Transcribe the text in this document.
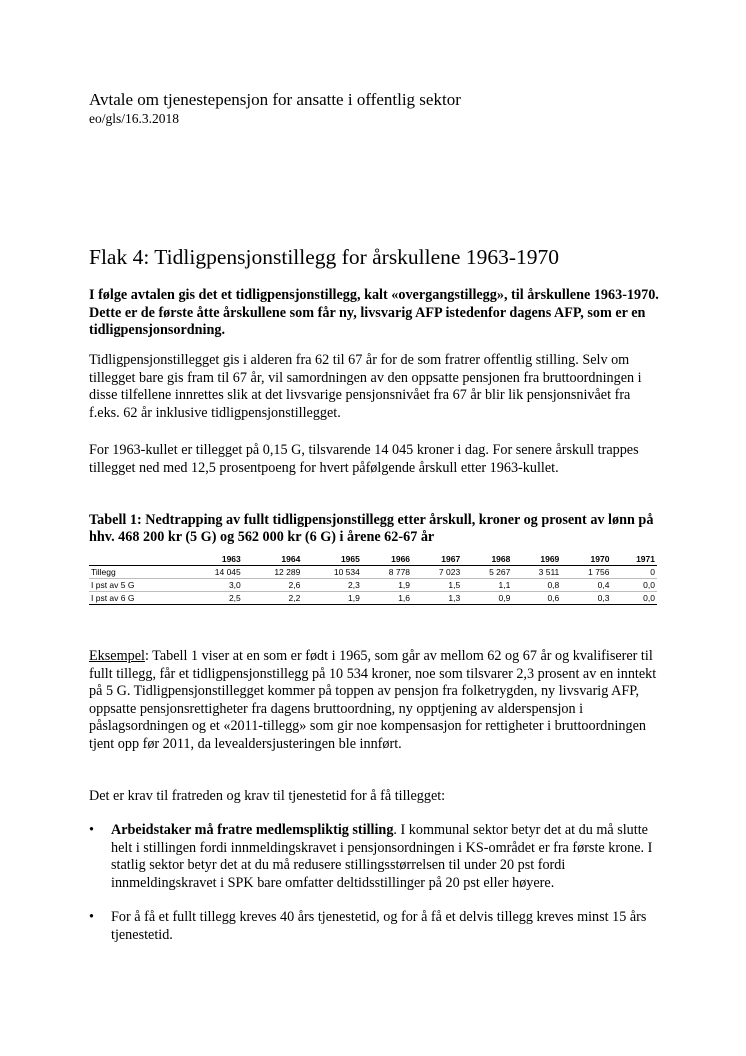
Avtale om tjenestepensjon for ansatte i offentlig sektor
eo/gls/16.3.2018
Flak 4: Tidligpensjonstillegg for årskullene 1963-1970
I følge avtalen gis det et tidligpensjonstillegg, kalt «overgangstillegg», til årskullene 1963-1970. Dette er de første åtte årskullene som får ny, livsvarig AFP istedenfor dagens AFP, som er en tidligpensjonsordning.
Tidligpensjonstillegget gis i alderen fra 62 til 67 år for de som fratrer offentlig stilling. Selv om tillegget bare gis fram til 67 år, vil samordningen av den oppsatte pensjonen fra bruttoordningen i disse tilfellene innrettes slik at det livsvarige pensjonsnivået fra 67 år blir lik pensjonsnivået fra f.eks. 62 år inklusive tidligpensjonstillegget.
For 1963-kullet er tillegget på 0,15 G, tilsvarende 14 045 kroner i dag. For senere årskull trappes tillegget ned med 12,5 prosentpoeng for hvert påfølgende årskull etter 1963-kullet.
Tabell 1: Nedtrapping av fullt tidligpensjonstillegg etter årskull, kroner og prosent av lønn på hhv. 468 200 kr (5 G) og 562 000 kr (6 G) i årene 62-67 år
	1963	1964	1965	1966	1967	1968	1969	1970	1971
Tillegg	14 045	12 289	10 534	8 778	7 023	5 267	3 511	1 756	0
I pst av 5 G	3,0	2,6	2,3	1,9	1,5	1,1	0,8	0,4	0,0
I pst av 6 G	2,5	2,2	1,9	1,6	1,3	0,9	0,6	0,3	0,0
Eksempel: Tabell 1 viser at en som er født i 1965, som går av mellom 62 og 67 år og kvalifiserer til fullt tillegg, får et tidligpensjonstillegg på 10 534 kroner, noe som tilsvarer 2,3 prosent av en inntekt på 5 G. Tidligpensjonstillegget kommer på toppen av pensjon fra folketrygden, ny livsvarig AFP, oppsatte pensjonsrettigheter fra dagens bruttoordning, ny opptjening av alderspensjon i påslagsordningen og et «2011-tillegg» som gir noe kompensasjon for rettigheter i bruttoordningen tjent opp før 2011, da levealdersjusteringen ble innført.
Det er krav til fratreden og krav til tjenestetid for å få tillegget:
• Arbeidstaker må fratre medlemspliktig stilling. I kommunal sektor betyr det at du må slutte helt i stillingen fordi innmeldingskravet i pensjonsordningen i KS-området er fra første krone. I statlig sektor betyr det at du må redusere stillingsstørrelsen til under 20 pst fordi innmeldingskravet i SPK bare omfatter deltidsstillinger på 20 pst eller høyere.
• For å få et fullt tillegg kreves 40 års tjenestetid, og for å få et delvis tillegg kreves minst 15 års tjenestetid.
